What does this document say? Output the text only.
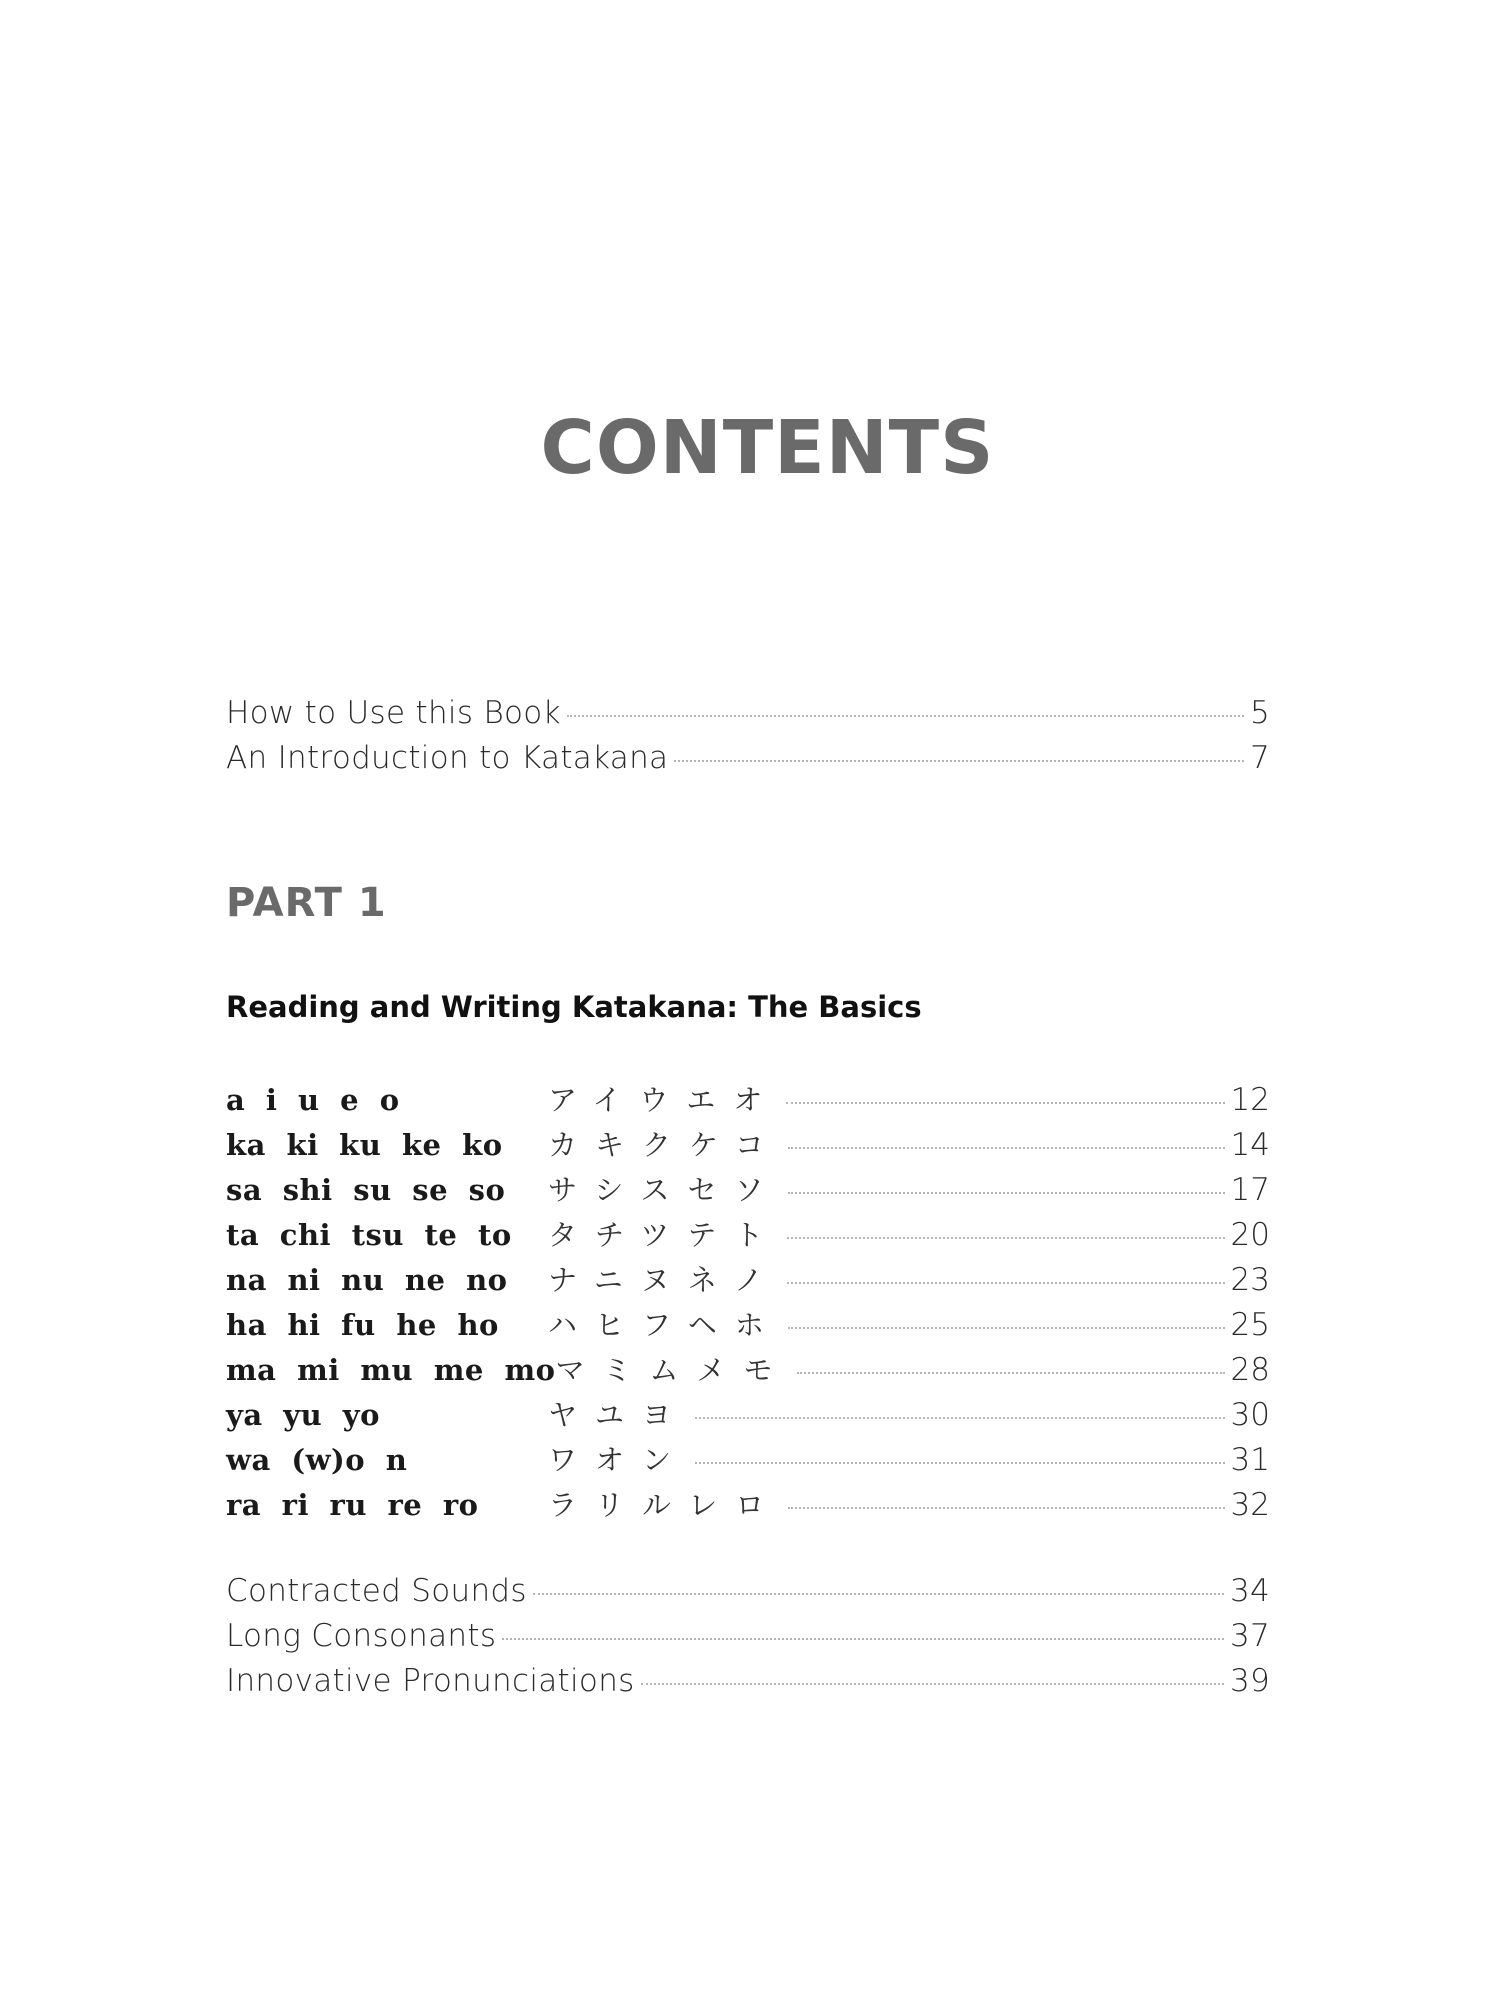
CONTENTS
How to Use this Book	5
An Introduction to Katakana	7
PART 1
Reading and Writing Katakana: The Basics
a i u e o	アイウエオ	12
ka ki ku ke ko	カキクケコ	14
sa shi su se so	サシスセソ	17
ta chi tsu te to	タチツテト	20
na ni nu ne no	ナニヌネノ	23
ha hi fu he ho	ハヒフヘホ	25
ma mi mu me mo マミムメモ	28
ya yu yo	ヤユヨ	30
wa (w)o n	ワオン	31
ra ri ru re ro	ラリルレロ	32
Contracted Sounds	34
Long Consonants	37
Innovative Pronunciations	39
